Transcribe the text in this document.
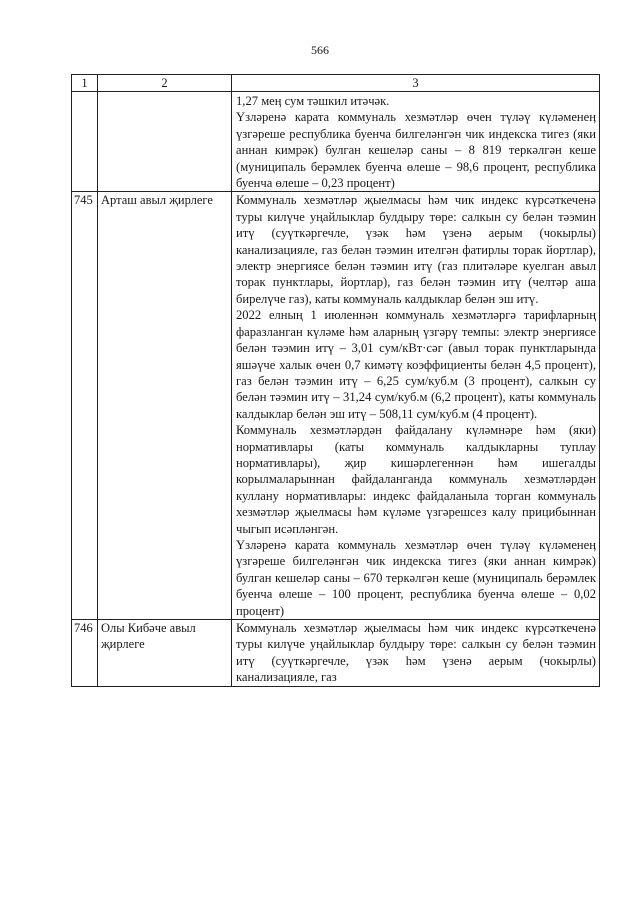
566
1	2	3

		1,27 меӊ сум тәшкил итәчәк.

Үзләренә карата коммуналь хезмәтләр өчен түләү күләменеӊ үзгәреше республика буенча билгеләнгән чик индекска тигез (яки аннан кимрәк) булган кешеләр саны – 8 819 теркәлгән кеше (муниципаль берәмлек буенча өлеше – 98,6 процент, республика буенча өлеше – 0,23 процент)

745	Арташ авыл җирлеге	Коммуналь хезмәтләр җыелмасы һәм чик индекс күрсәткеченә туры килүче уңайлыклар булдыру төре: салкын су белән тәэмин итү (суүткәргечле, үзәк һәм үзенә аерым (чокырлы) канализацияле, газ белән тәэмин ителгән фатирлы торак йортлар), электр энергиясе белән тәэмин итү (газ плитәләре куелган авыл торак пунктлары, йортлар), газ белән тәэмин итү (челтәр аша бирелүче газ), каты коммуналь калдыклар белән эш итү.

2022 елның 1 июленнән коммуналь хезмәтләргә тарифларның фаразланган күләме һәм аларның үзгәрү темпы: электр энергиясе белән тәэмин итү – 3,01 сум/кВт·сәг (авыл торак пунктларында яшәүче халык өчен 0,7 кимәтү коэффициенты белән 4,5 процент), газ белән тәэмин итү – 6,25 сум/куб.м (3 процент), салкын су белән тәэмин итү – 31,24 сум/куб.м (6,2 процент), каты коммуналь калдыклар белән эш итү – 508,11 сум/куб.м (4 процент).

Коммуналь хезмәтләрдән файдалану күләмнәре һәм (яки) нормативлары (каты коммуналь калдыкларны туплау нормативлары), җир кишәрлегеннән һәм ишегалды корылмаларыннан файдаланганда коммуналь хезмәтләрдән куллану нормативлары: индекс файдаланыла торган коммуналь хезмәтләр җыелмасы һәм күләме үзгәрешсез калу прицибыннан чыгып исәпләнгән.

Үзләренә карата коммуналь хезмәтләр өчен түләү күләменеӊ үзгәреше билгеләнгән чик индекска тигез (яки аннан кимрәк) булган кешеләр саны – 670 теркәлгән кеше (муниципаль берәмлек буенча өлеше – 100 процент, республика буенча өлеше – 0,02 процент)

746	Олы Кибәче авыл җирлеге	Коммуналь хезмәтләр җыелмасы һәм чик индекс күрсәткеченә туры килүче уңайлыклар булдыру төре: салкын су белән тәэмин итү (суүткәргечле, үзәк һәм үзенә аерым (чокырлы) канализацияле, газ
